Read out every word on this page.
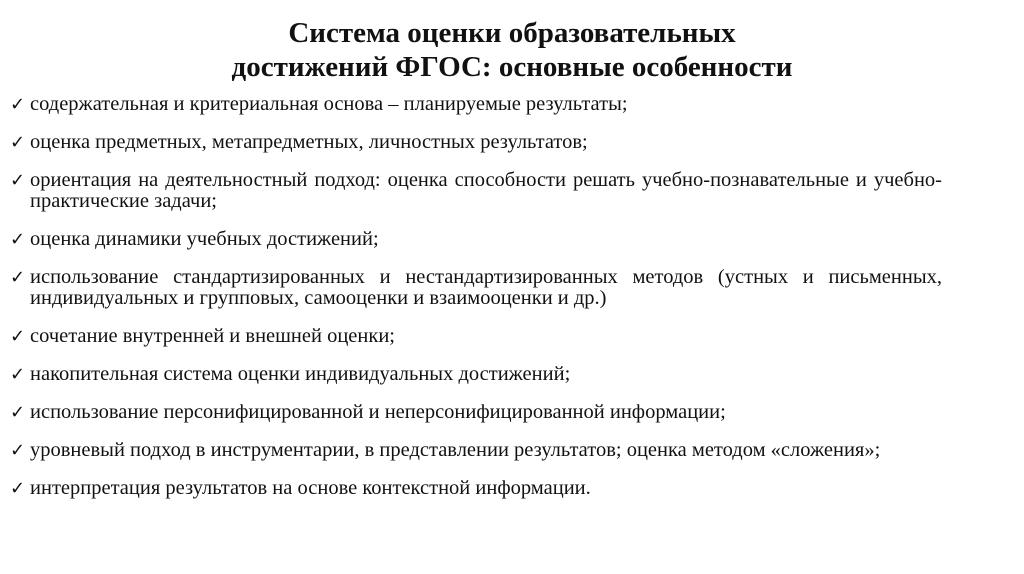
Система оценки образовательных
достижений ФГОС: основные особенности
✓ содержательная и критериальная основа – планируемые результаты;
✓ оценка предметных, метапредметных, личностных результатов;
✓ ориентация на деятельностный подход: оценка способности решать учебно-познавательные и учебно-практические задачи;
✓ оценка динамики учебных достижений;
✓ использование стандартизированных и нестандартизированных методов (устных и письменных, индивидуальных и групповых, самооценки и взаимооценки и др.)
✓ сочетание внутренней и внешней оценки;
✓ накопительная система оценки индивидуальных достижений;
✓ использование персонифицированной и неперсонифицированной информации;
✓ уровневый подход в инструментарии, в представлении результатов; оценка методом «сложения»;
✓ интерпретация результатов на основе контекстной информации.
